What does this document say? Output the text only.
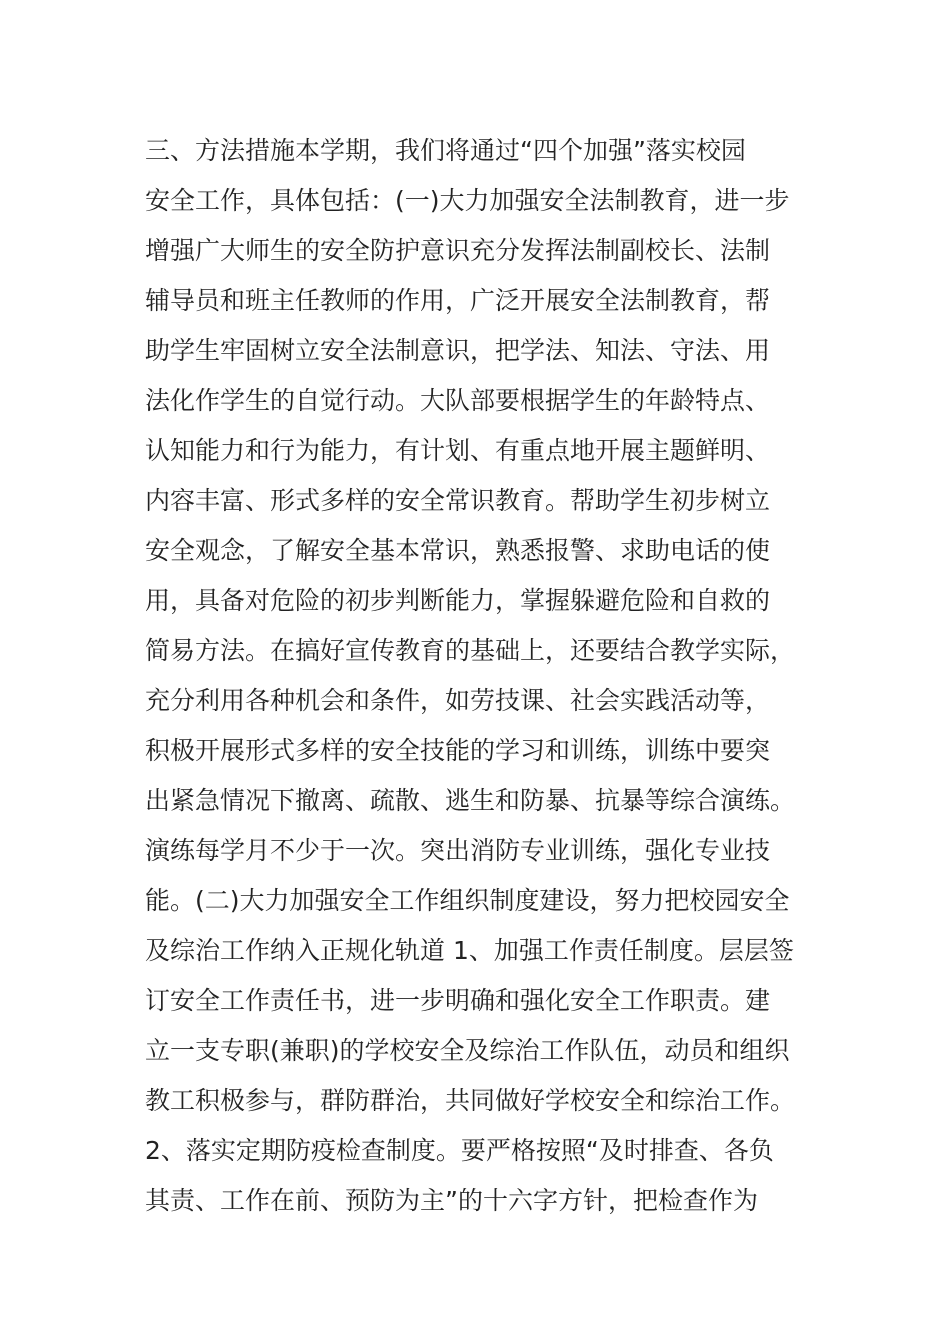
三、方法措施本学期，我们将通过“四个加强”落实校园
安全工作，具体包括：(一)大力加强安全法制教育，进一步
增强广大师生的安全防护意识充分发挥法制副校长、法制
辅导员和班主任教师的作用，广泛开展安全法制教育，帮
助学生牢固树立安全法制意识，把学法、知法、守法、用
法化作学生的自觉行动。大队部要根据学生的年龄特点、
认知能力和行为能力，有计划、有重点地开展主题鲜明、
内容丰富、形式多样的安全常识教育。帮助学生初步树立
安全观念，了解安全基本常识，熟悉报警、求助电话的使
用，具备对危险的初步判断能力，掌握躲避危险和自救的
简易方法。在搞好宣传教育的基础上，还要结合教学实际，
充分利用各种机会和条件，如劳技课、社会实践活动等，
积极开展形式多样的安全技能的学习和训练，训练中要突
出紧急情况下撤离、疏散、逃生和防暴、抗暴等综合演练。
演练每学月不少于一次。突出消防专业训练，强化专业技
能。(二)大力加强安全工作组织制度建设，努力把校园安全
及综治工作纳入正规化轨道 1、加强工作责任制度。层层签
订安全工作责任书，进一步明确和强化安全工作职责。建
立一支专职(兼职)的学校安全及综治工作队伍，动员和组织
教工积极参与，群防群治，共同做好学校安全和综治工作。
2、落实定期防疫检查制度。要严格按照“及时排查、各负
其责、工作在前、预防为主”的十六字方针，把检查作为
